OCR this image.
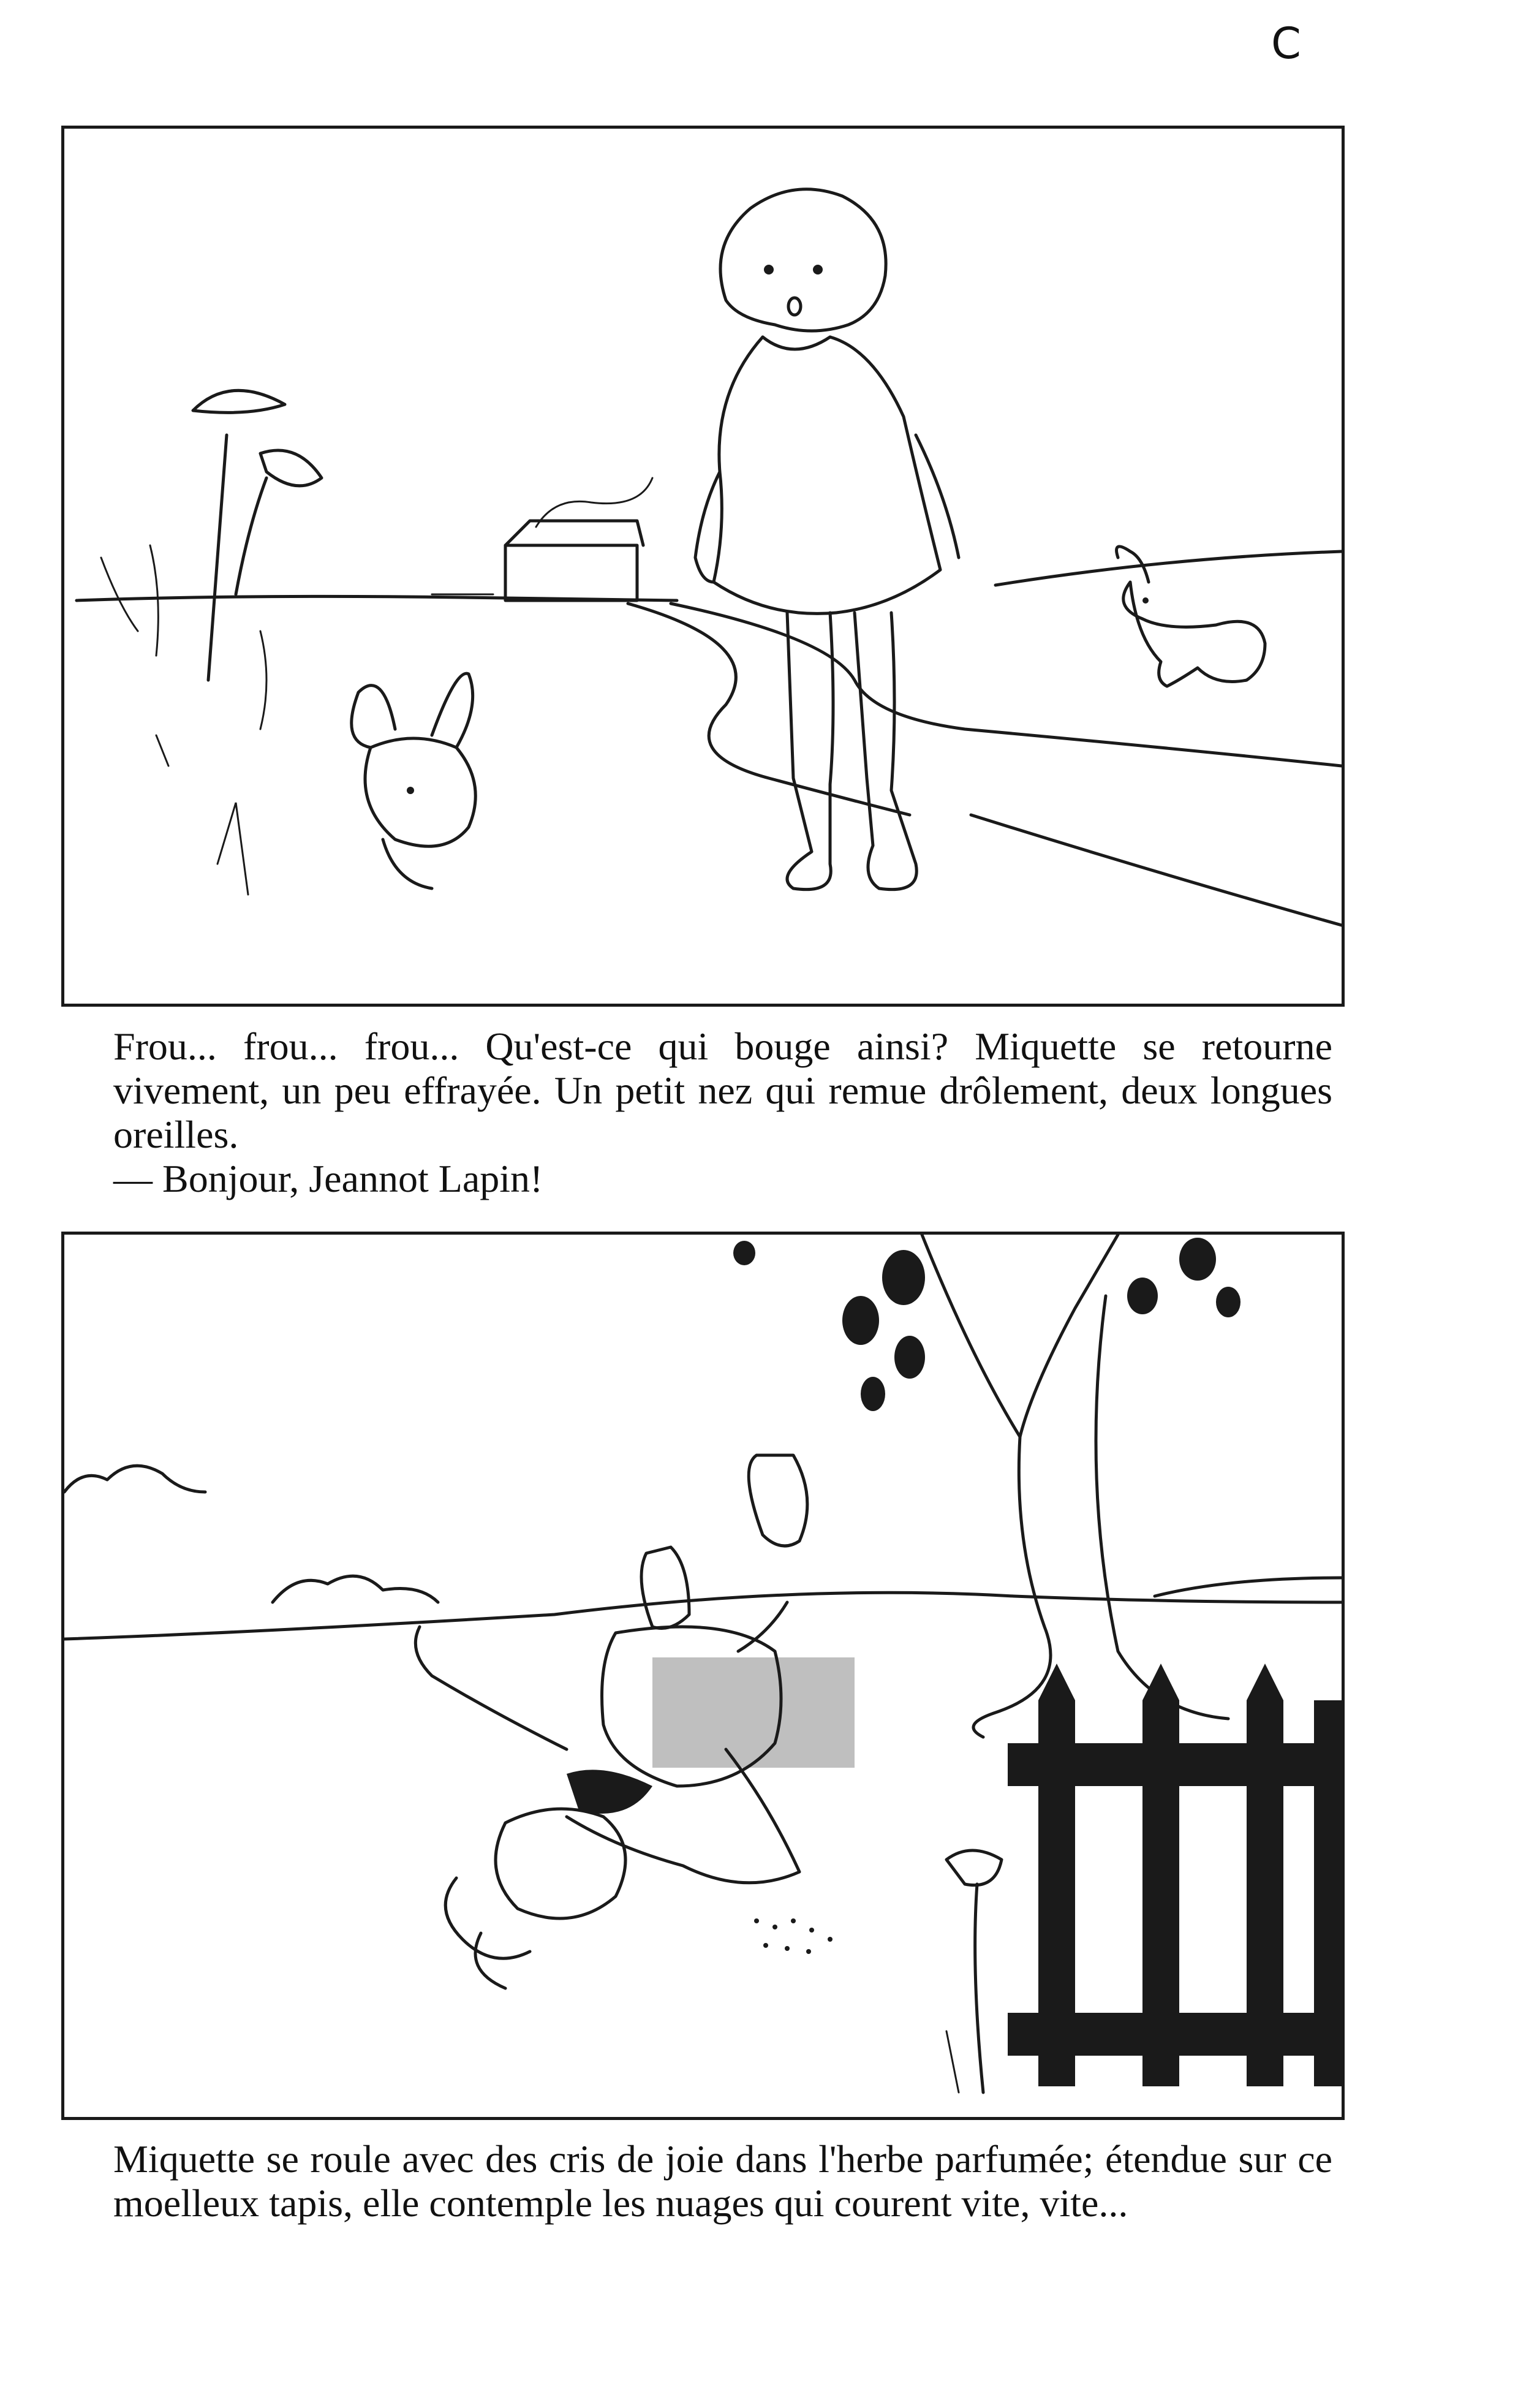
C

Frou... frou... frou... Qu'est-ce qui bouge ainsi? Miquette se retourne vivement, un peu effrayée. Un petit nez qui remue drôlement, deux longues oreilles.

— Bonjour, Jeannot Lapin!

Miquette se roule avec des cris de joie dans l'herbe parfumée; étendue sur ce moelleux tapis, elle contemple les nuages qui courent vite, vite...
